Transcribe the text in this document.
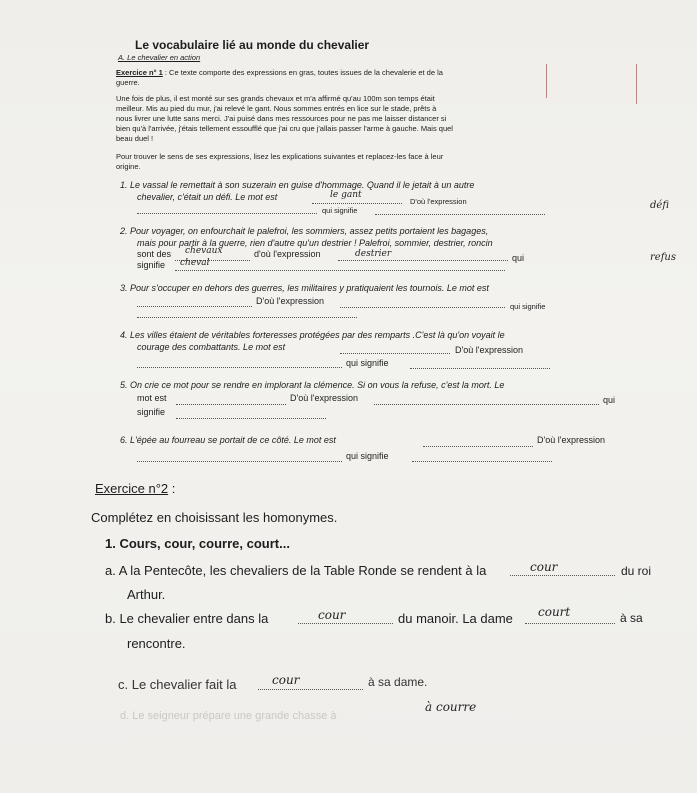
Le vocabulaire lié au monde du chevalier
A. Le chevalier en action
Exercice n° 1 : Ce texte comporte des expressions en gras, toutes issues de la chevalerie et de la
guerre.
Une fois de plus, il est monté sur ses grands chevaux et m'a affirmé qu'au 100m son temps était
meilleur. Mis au pied du mur, j'ai relevé le gant. Nous sommes entrés en lice sur le stade, prêts à
nous livrer une lutte sans merci. J'ai puisé dans mes ressources pour ne pas me laisser distancer si
bien qu'à l'arrivée, j'étais tellement essoufflé que j'ai cru que j'allais passer l'arme à gauche. Mais quel
beau duel !
Pour trouver le sens de ses expressions, lisez les explications suivantes et replacez-les face à leur
origine.
1. Le vassal le remettait à son suzerain en guise d'hommage. Quand il le jetait à un autre
chevalier, c'était un défi. Le mot est	le gant
D'où l'expression
qui signifie	défi
2. Pour voyager, on enfourchait le palefroi, les sommiers, assez petits portaient les bagages,
mais pour partir à la guerre, rien d'autre qu'un destrier ! Palefroi, sommier, destrier, roncin
sont des chevaux	d'où l'expression	destrier	qui
signifie cheval	refus
3. Pour s'occuper en dehors des guerres, les militaires y pratiquaient les tournois. Le mot est
D'où l'expression
qui signifie
4. Les villes étaient de véritables forteresses protégées par des remparts .C'est là qu'on voyait le
courage des combattants. Le mot est	D'où l'expression
qui signifie
5. On crie ce mot pour se rendre en implorant la clémence. Si on vous la refuse, c'est la mort. Le
mot est	D'où l'expression	qui
signifie
6. L'épée au fourreau se portait de ce côté. Le mot est	D'où l'expression
qui signifie
Exercice n°2 :
Complétez en choisissant les homonymes.
1. Cours, cour, courre, court...
a. A la Pentecôte, les chevaliers de la Table Ronde se rendent à la	cour	du roi
Arthur.
b. Le chevalier entre dans la	cour	du manoir. La dame court	à sa
rencontre.
c. Le chevalier fait la	cour	à sa dame.
d. Le seigneur prépare une grande chasse à
à courre
